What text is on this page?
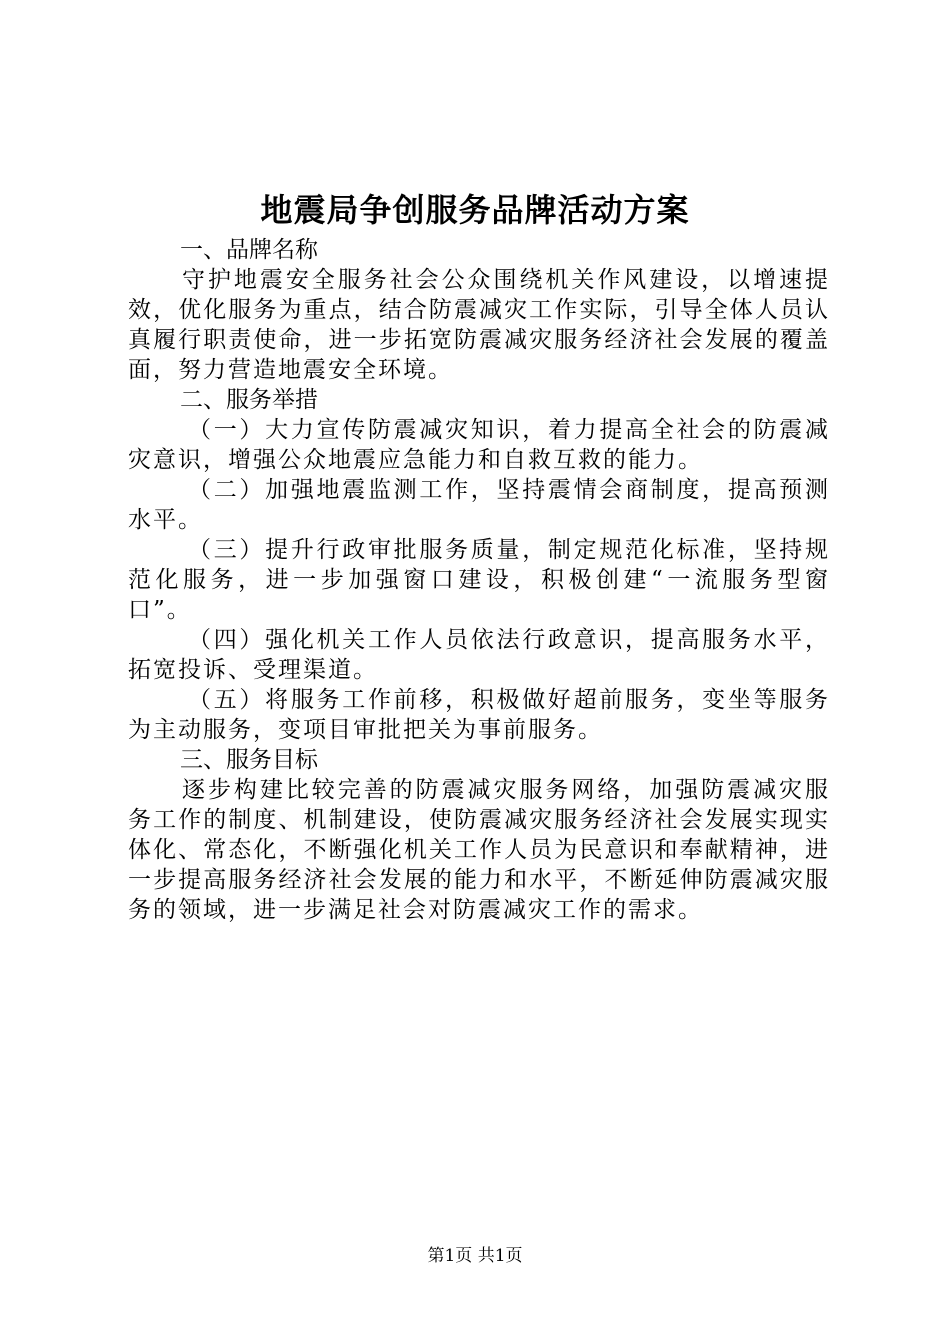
地震局争创服务品牌活动方案

一、品牌名称

守护地震安全服务社会公众围绕机关作风建设，以增速提效，优化服务为重点，结合防震减灾工作实际，引导全体人员认真履行职责使命，进一步拓宽防震减灾服务经济社会发展的覆盖面，努力营造地震安全环境。

二、服务举措

（一）大力宣传防震减灾知识，着力提高全社会的防震减灾意识，增强公众地震应急能力和自救互救的能力。

（二）加强地震监测工作，坚持震情会商制度，提高预测水平。

（三）提升行政审批服务质量，制定规范化标准，坚持规范化服务，进一步加强窗口建设，积极创建“一流服务型窗口”。

（四）强化机关工作人员依法行政意识，提高服务水平，拓宽投诉、受理渠道。

（五）将服务工作前移，积极做好超前服务，变坐等服务为主动服务，变项目审批把关为事前服务。

三、服务目标

逐步构建比较完善的防震减灾服务网络，加强防震减灾服务工作的制度、机制建设，使防震减灾服务经济社会发展实现实体化、常态化，不断强化机关工作人员为民意识和奉献精神，进一步提高服务经济社会发展的能力和水平，不断延伸防震减灾服务的领域，进一步满足社会对防震减灾工作的需求。

第1页 共1页
